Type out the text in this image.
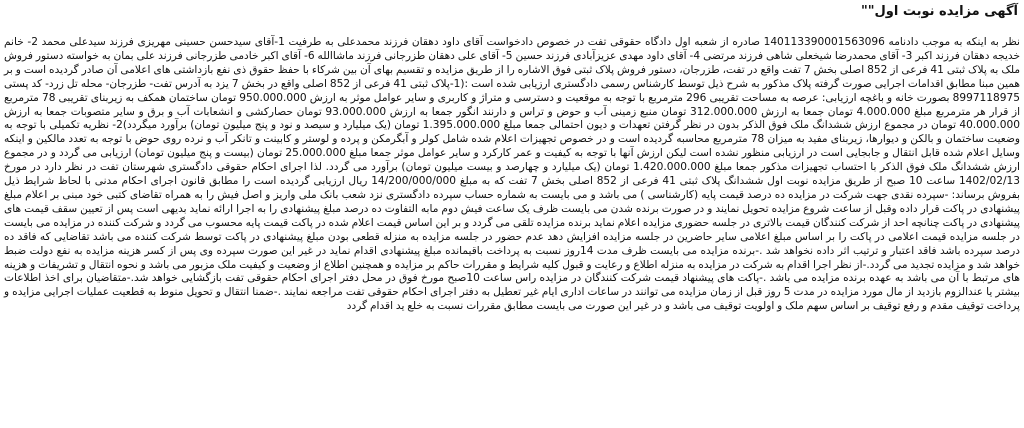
آگهی مزایده نوبت اول""
نظر به اینکه به موجب دادنامه 140113390001563096 صادره از شعبه اول دادگاه حقوقی تفت در خصوص دادخواست آقای داود دهقان فرزند محمدعلی به طرفیت 1-آقای سیدحسن حسینی مهریزی فرزند سیدعلی محمد 2- خانم خدیجه دهقان فرزند اکبر 3- آقای محمدرضا شیخعلی شاهی فرزند مرتضی 4- آقای داود مهدی عزیزآبادی فرزند حسین 5- آقای علی دهقان طزرجانی فرزند ماشاالله 6- آقای اکبر خادمی طزرجانی فرزند علی بمان به خواسته دستور فروش ملک به پلاک ثبتی 41 فرعی از 852 اصلی بخش 7 تفت واقع در تفت، طزرجان، دستور فروش پلاک ثبتی فوق الاشاره را از طریق مزایده و تقسیم بهای آن بین شرکاء با حفظ حقوق ذی نفع بازداشتی های اعلامی آن صادر گردیده است و بر همین مبنا مطابق اقدامات اجرایی صورت گرفته پلاک مذکور به شرح ذیل توسط کارشناس رسمی دادگستری ارزیابی شده است :(1-پلاک ثبتی 41 فرعی از 852 اصلی واقع در بخش 7 یزد به آدرس تفت- طزرجان- محله تل زرد- کد پستی 8997118975 بصورت خانه و باغچه ارزیابی: عرصه به مساحت تقریبی 296 مترمربع با توجه به موقعیت و دسترسی و متراژ و کاربری و سایر عوامل موثر به ارزش 950.000.000 تومان ساختمان همکف به زیربنای تقریبی 78 مترمربع از قرار هر مترمربع مبلغ 4.000.000 تومان جمعا به ارزش 312.000.000 تومان منبع زمینی آب و حوض و تراس و دارنند انگور جمعا به ارزش 93.000.000 تومان حصارکشی و انشعابات آب و برق و سایر متصوبات جمعا به ارزش 40.000.000 تومان در مجموع ارزش ششدانگ ملک فوق الذکر بدون در نظر گرفتن تعهدات و دیون احتمالی جمعا مبلغ 1.395.000.000 تومان (یک میلیارد و سیصد و نود و پنج میلیون تومان) برآورد میگردد)2- نظریه تکمیلی با توجه به وضعیت ساختمان و بالکن و دیوارها، زیربنای مفید به میزان 78 مترمربع محاسبه گردیده است و در خصوص تجهیزات اعلام شده شامل کولر و آبگرمکن و پرده و لوستر و کابینت و تانکر آب و نرده روی حوض با توجه به تعدد مالکین و اینکه وسایل اعلام شده قابل انتقال و جابجایی است در ارزیابی منظور نشده است لیکن ارزش آنها با توجه به کیفیت و عمر کارکرد و سایر عوامل موثر جمعا مبلغ 25.000.000 تومان (بیست و پنج میلیون تومان) ارزیابی می گردد و در مجموع ارزش ششدانگ ملک فوق الذکر با احتساب تجهیزات مذکور جمعا مبلغ 1.420.000.000 تومان (یک میلیارد و چهارصد و بیست میلیون تومان) برآورد می گردد. لذا اجرای احکام حقوقی دادگستری شهرستان تفت در نظر دارد در مورخ 1402/02/13 ساعت 10 صبح از طریق مزایده نوبت اول ششدانگ پلاک ثبتی 41 فرعی از 852 اصلی بخش 7 تفت که به مبلغ 14/200/000/000 ریال ارزیابی گردیده است را مطابق قانون اجرای احکام مدنی با لحاظ شرایط ذیل بفروش برساند: -سپرده نقدی جهت شرکت در مزایده ده درصد قیمت پایه (کارشناسی ) می باشد و می بایست به شماره حساب سپرده دادگستری نزد شعب بانک ملی واریز و اصل فیش را به همراه تقاضای کتبی خود مبنی بر اعلام مبلغ پیشنهادی در پاکت قرار داده وقبل از ساعت شروع مزایده تحویل نمایند و در صورت برنده شدن می بایست ظرف یک ساعت فیش دوم مابه التفاوت ده درصد مبلغ پیشنهادی را به اجرا ارائه نماید بدیهی است پس از تعیین سقف قیمت های پیشنهادی در پاکت چنانچه احد از شرکت کنندگان قیمت بالاتری در جلسه حضوری مزایده اعلام نماید برنده مزایده تلقی می گردد و بر این اساس قیمت اعلام شده در پاکت قیمت پایه محسوب می گردد و شرکت کننده در مزایده می بایست در جلسه مزایده قیمت اعلامی در پاکت را بر اساس مبلغ اعلامی سایر حاضرین در جلسه مزایده افزایش دهد عدم حضور در جلسه مزایده به منزله قطعی بودن مبلغ پیشنهادی در پاکت توسط شرکت کننده می باشد تقاضایی که فاقد ده درصد سپرده باشد فاقد اعتبار و ترتیب اثر داده نخواهد شد .-برنده مزایده می بایست ظرف مدت 14روز نسبت به پرداخت باقیمانده مبلغ پیشنهادی اقدام نماید در غیر این صورت سپرده وی پس از کسر هزینه مزایده به نفع دولت ضبط خواهد شد و مزایده تجدید می گردد.-از نظر اجرا اقدام به شرکت در مزایده به منزله اطلاع و رعایت و قبول کلیه شرایط و مقررات حاکم بر مزایده و همچنین اطلاع از وضعیت و کیفیت ملک مزبور می باشد و نحوه انتقال و تشریفات و هزینه های مرتبط با آن می باشد به عهده برنده مزایده می باشد .-پاکت های پیشنهاد قیمت شرکت کنندگان در مزایده راس ساعت 10صبح مورخ فوق در محل دفتر اجرای احکام حقوقی تفت بازگشایی خواهد شد.-متقاضیان برای اخذ اطلاعات بیشتر یا عندالزوم بازدید از مال مورد مزایده در مدت 5 روز قبل از زمان مزایده می توانند در ساعات اداری ایام غیر تعطیل به دفتر اجرای احکام حقوقی تفت مراجعه نمایند .-ضمنا انتقال و تحویل منوط به قطعیت عملیات اجرایی مزایده و پرداخت توقیف مقدم و رفع توقیف بر اساس سهم ملک و اولویت توقیف می باشد و در غیر این صورت می بایست مطابق مقررات نسبت به خلع ید اقدام گردد
